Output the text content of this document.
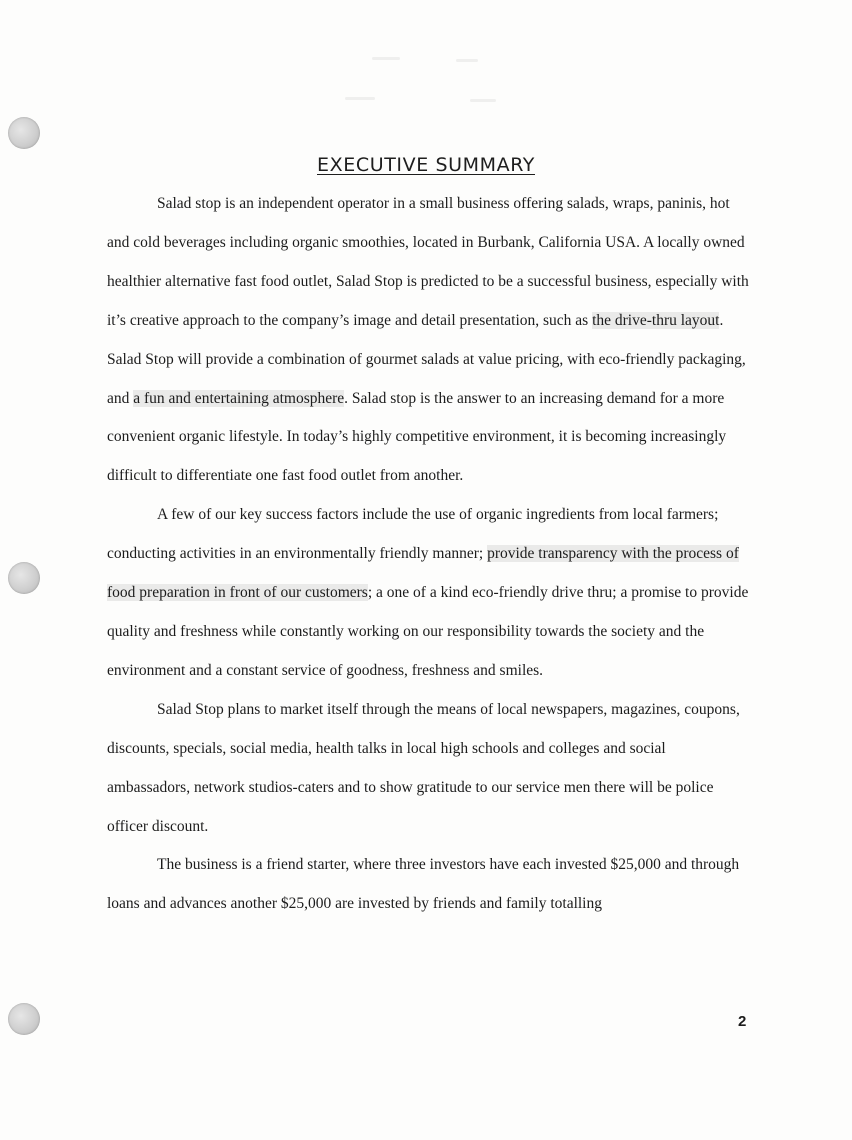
EXECUTIVE SUMMARY

Salad stop is an independent operator in a small business offering salads, wraps, paninis, hot and cold beverages including organic smoothies, located in Burbank, California USA. A locally owned healthier alternative fast food outlet, Salad Stop is predicted to be a successful business, especially with it’s creative approach to the company’s image and detail presentation, such as the drive-thru layout. Salad Stop will provide a combination of gourmet salads at value pricing, with eco-friendly packaging, and a fun and entertaining atmosphere. Salad stop is the answer to an increasing demand for a more convenient organic lifestyle. In today’s highly competitive environment, it is becoming increasingly difficult to differentiate one fast food outlet from another.

A few of our key success factors include the use of organic ingredients from local farmers; conducting activities in an environmentally friendly manner; provide transparency with the process of food preparation in front of our customers; a one of a kind eco-friendly drive thru; a promise to provide quality and freshness while constantly working on our responsibility towards the society and the environment and a constant service of goodness, freshness and smiles.

Salad Stop plans to market itself through the means of local newspapers, magazines, coupons, discounts, specials, social media, health talks in local high schools and colleges and social ambassadors, network studios-caters and to show gratitude to our service men there will be police officer discount.

The business is a friend starter, where three investors have each invested $25,000 and through loans and advances another $25,000 are invested by friends and family totalling

2
